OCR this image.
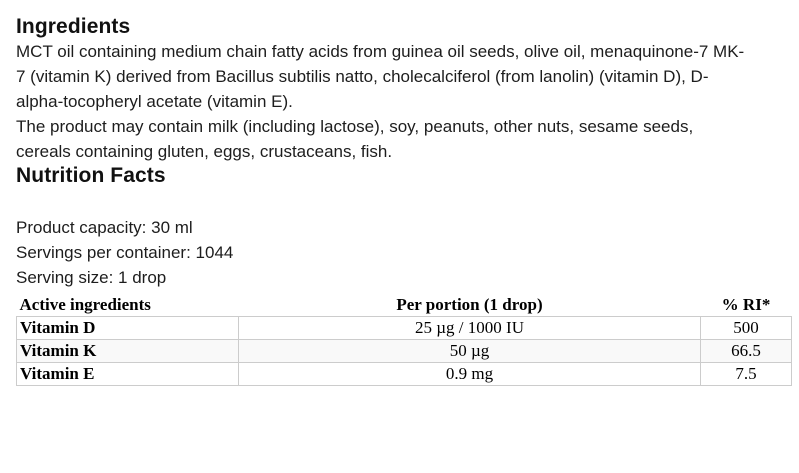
Ingredients

MCT oil containing medium chain fatty acids from guinea oil seeds, olive oil, menaquinone-7 MK-7 (vitamin K) derived from Bacillus subtilis natto, cholecalciferol (from lanolin) (vitamin D), D-alpha-tocopheryl acetate (vitamin E).

The product may contain milk (including lactose), soy, peanuts, other nuts, sesame seeds, cereals containing gluten, eggs, crustaceans, fish.

Nutrition Facts
Product capacity: 30 ml
Servings per container: 1044
Serving size: 1 drop
Active ingredients	Per portion (1 drop)	% RI*
Vitamin D	25 µg / 1000 IU	500
Vitamin K	50 µg	66.5
Vitamin E	0.9 mg	7.5
